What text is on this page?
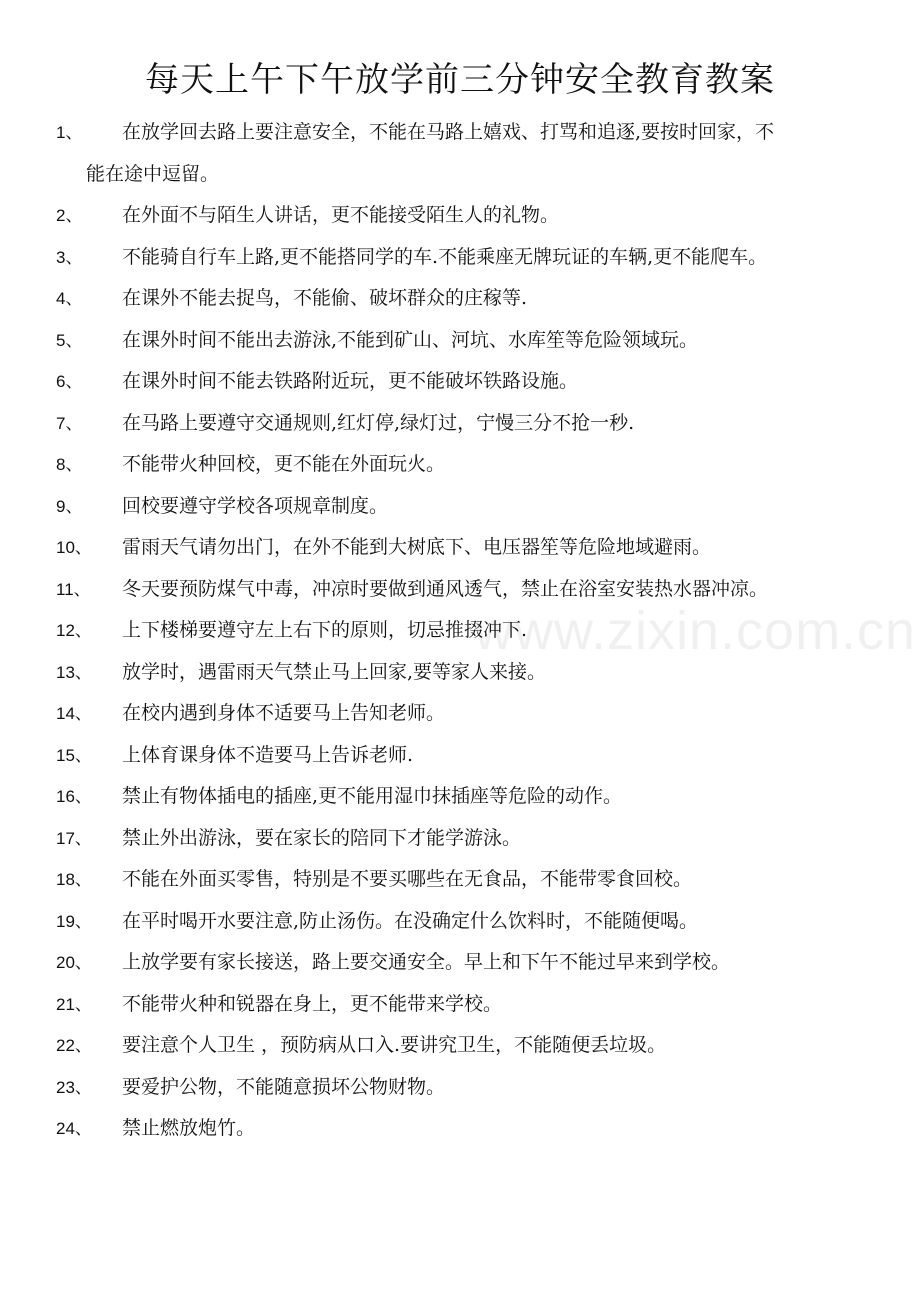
每天上午下午放学前三分钟安全教育教案
www.zixin.com.cn
1、 在放学回去路上要注意安全，不能在马路上嬉戏、打骂和追逐,要按时回家，不
能在途中逗留。
2、 在外面不与陌生人讲话，更不能接受陌生人的礼物。
3、 不能骑自行车上路,更不能搭同学的车.不能乘座无牌玩证的车辆,更不能爬车。
4、 在课外不能去捉鸟，不能偷、破坏群众的庄稼等.
5、 在课外时间不能出去游泳,不能到矿山、河坑、水库笙等危险领域玩。
6、 在课外时间不能去铁路附近玩，更不能破坏铁路设施。
7、 在马路上要遵守交通规则,红灯停,绿灯过，宁慢三分不抢一秒.
8、 不能带火种回校，更不能在外面玩火。
9、 回校要遵守学校各项规章制度。
10、 雷雨天气请勿出门，在外不能到大树底下、电压器笙等危险地域避雨。
11、 冬天要预防煤气中毒，冲凉时要做到通风透气，禁止在浴室安装热水器冲凉。
12、 上下楼梯要遵守左上右下的原则，切忌推掇冲下.
13、 放学时，遇雷雨天气禁止马上回家,要等家人来接。
14、 在校内遇到身体不适要马上告知老师。
15、 上体育课身体不造要马上告诉老师.
16、 禁止有物体插电的插座,更不能用湿巾抹插座等危险的动作。
17、 禁止外出游泳，要在家长的陪同下才能学游泳。
18、 不能在外面买零售，特别是不要买哪些在无食品，不能带零食回校。
19、 在平时喝开水要注意,防止汤伤。在没确定什么饮料时，不能随便喝。
20、 上放学要有家长接送，路上要交通安全。早上和下午不能过早来到学校。
21、 不能带火种和锐器在身上，更不能带来学校。
22、 要注意个人卫生 ，预防病从口入.要讲究卫生，不能随便丢垃圾。
23、 要爱护公物，不能随意损坏公物财物。
24、 禁止燃放炮竹。
